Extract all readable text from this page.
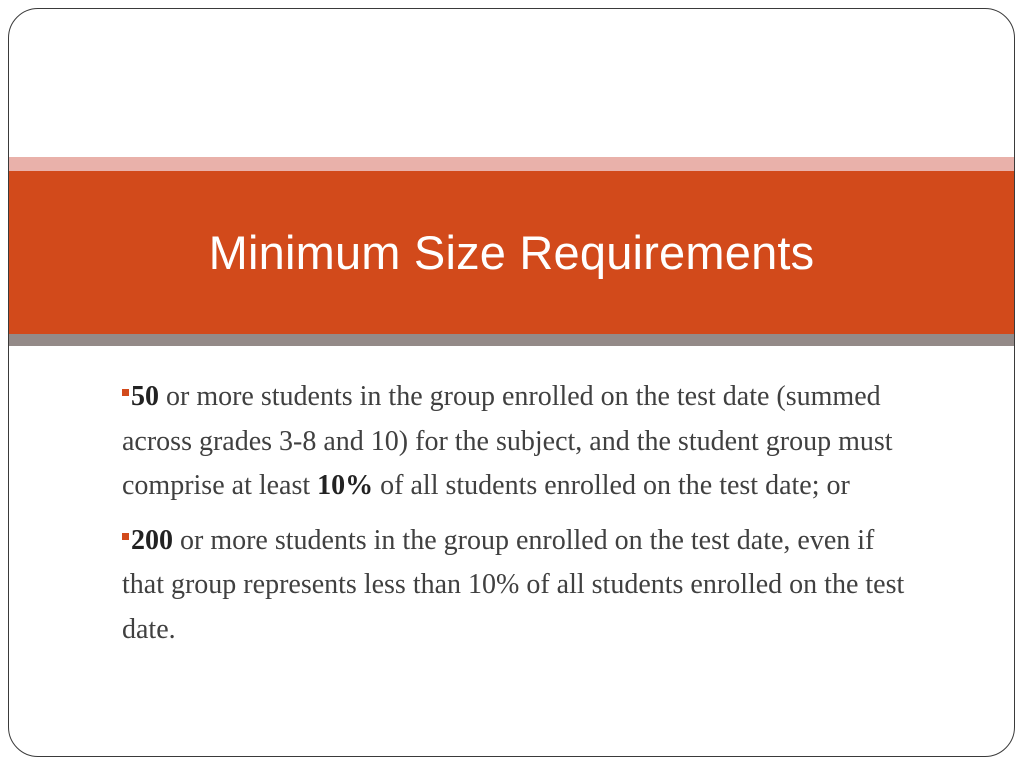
Minimum Size Requirements
50 or more students in the group enrolled on the test date (summed across grades 3-8 and 10) for the subject, and the student group must comprise at least 10% of all students enrolled on the test date; or
200 or more students in the group enrolled on the test date, even if that group represents less than 10% of all students enrolled on the test date.
